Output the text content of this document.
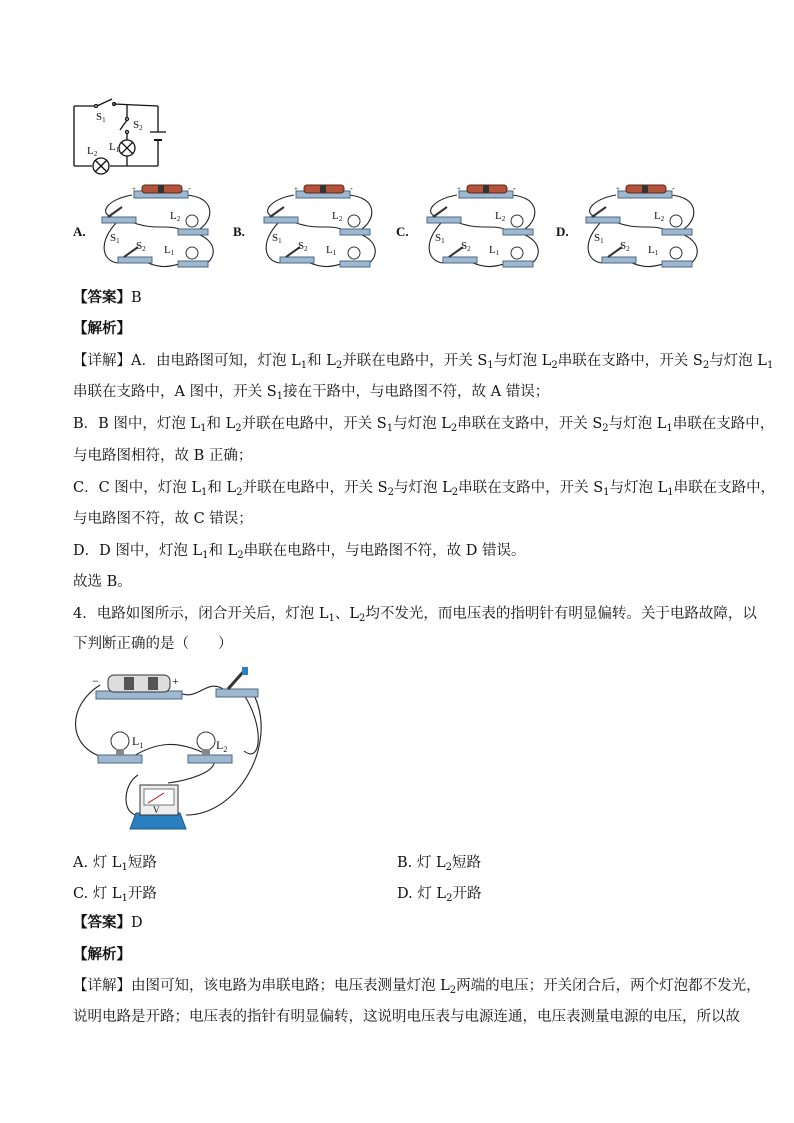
S1 S2
L1
L2
+	-
S1 S2
L2
L1
+	-
S1 S2
L2
L1
+	-
S1 S2
L2
L1
+	-
S1 S2
L2
L1
A.	B.	C.	D.
【答案】B
【解析】
【详解】A．由电路图可知，灯泡 $L_1$和 $L_2$并联在电路中，开关 $S_1$与灯泡 $L_2$串联在支路中，开关 $S_2$与灯泡 $L_1$
串联在支路中，A 图中，开关 $S_1$接在干路中，与电路图不符，故 A 错误；
B．B 图中，灯泡 $L_1$和 $L_2$并联在电路中，开关 $S_1$与灯泡 $L_2$串联在支路中，开关 $S_2$与灯泡 $L_1$串联在支路中，
与电路图相符，故 B 正确；
C．C 图中，灯泡 $L_1$和 $L_2$并联在电路中，开关 $S_2$与灯泡 $L_2$串联在支路中，开关 $S_1$与灯泡 $L_1$串联在支路中，
与电路图不符，故 C 错误；
D．D 图中，灯泡 $L_1$和 $L_2$串联在电路中，与电路图不符，故 D 错误。
故选 B。
4．电路如图所示，闭合开关后，灯泡 $L_1$、$L_2$均不发光，而电压表的指明针有明显偏转。关于电路故障，以
下判断正确的是（　　）
−	+
$L_1$	$L_2$
V
A. 灯 $L_1$短路	B. 灯 $L_2$短路
C. 灯 $L_1$开路	D. 灯 $L_2$开路
【答案】D
【解析】
【详解】由图可知，该电路为串联电路；电压表测量灯泡 $L_2$两端的电压；开关闭合后，两个灯泡都不发光，
说明电路是开路；电压表的指针有明显偏转，这说明电压表与电源连通，电压表测量电源的电压，所以故
